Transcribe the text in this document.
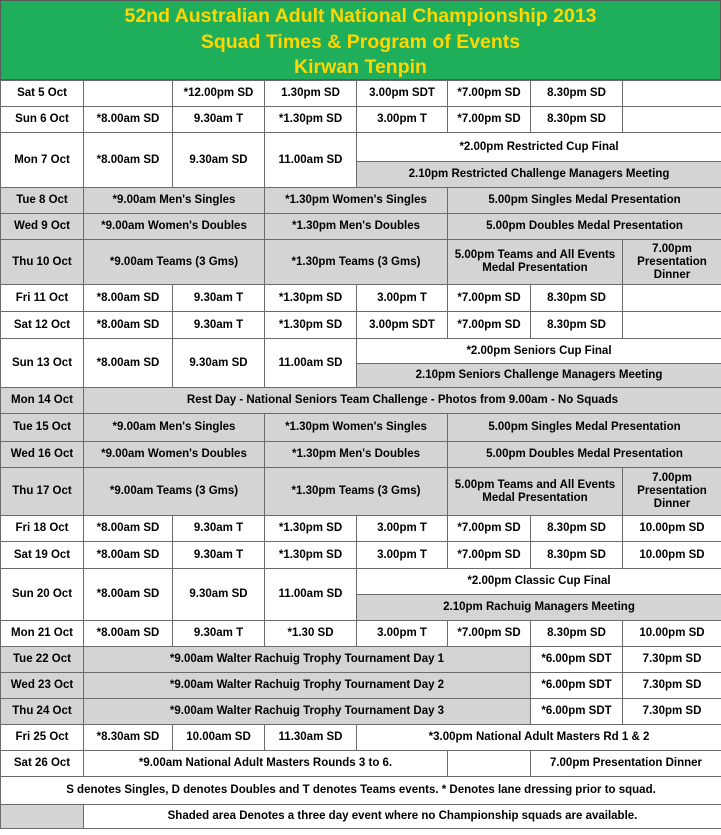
52nd Australian Adult National Championship 2013
Squad Times & Program of Events
Kirwan Tenpin
Sat 5 Oct		*12.00pm SD	1.30pm SD	3.00pm SDT	*7.00pm SD	8.30pm SD	
Sun 6 Oct	*8.00am SD	9.30am T	*1.30pm SD	3.00pm T	*7.00pm SD	8.30pm SD	
Mon 7 Oct	*8.00am SD	9.30am SD	11.00am SD	*2.00pm Restricted Cup Final			
				2.10pm Restricted Challenge Managers Meeting			
Tue 8 Oct	*9.00am Men's Singles		*1.30pm Women's Singles		5.00pm Singles Medal Presentation		
Wed 9 Oct	*9.00am Women's Doubles		*1.30pm Men's Doubles		5.00pm Doubles Medal Presentation		
Thu 10 Oct	*9.00am Teams (3 Gms)		*1.30pm Teams (3 Gms)		5.00pm Teams and All Events Medal Presentation		7.00pm Presentation Dinner
Fri 11 Oct	*8.00am SD	9.30am T	*1.30pm SD	3.00pm T	*7.00pm SD	8.30pm SD	
Sat 12 Oct	*8.00am SD	9.30am T	*1.30pm SD	3.00pm SDT	*7.00pm SD	8.30pm SD	
Sun 13 Oct	*8.00am SD	9.30am SD	11.00am SD	*2.00pm Seniors Cup Final			
				2.10pm Seniors Challenge Managers Meeting			
Mon 14 Oct	Rest Day - National Seniors Team Challenge - Photos from 9.00am - No Squads						
Tue 15 Oct	*9.00am Men's Singles		*1.30pm Women's Singles		5.00pm Singles Medal Presentation		
Wed 16 Oct	*9.00am Women's Doubles		*1.30pm Men's Doubles		5.00pm Doubles Medal Presentation		
Thu 17 Oct	*9.00am Teams (3 Gms)		*1.30pm Teams (3 Gms)		5.00pm Teams and All Events Medal Presentation		7.00pm Presentation Dinner
Fri 18 Oct	*8.00am SD	9.30am T	*1.30pm SD	3.00pm T	*7.00pm SD	8.30pm SD	10.00pm SD
Sat 19 Oct	*8.00am SD	9.30am T	*1.30pm SD	3.00pm T	*7.00pm SD	8.30pm SD	10.00pm SD
Sun 20 Oct	*8.00am SD	9.30am SD	11.00am SD	*2.00pm Classic Cup Final			
				2.10pm Rachuig Managers Meeting			
Mon 21 Oct	*8.00am SD	9.30am T	*1.30 SD	3.00pm T	*7.00pm SD	8.30pm SD	10.00pm SD
Tue 22 Oct	*9.00am Walter Rachuig Trophy Tournament Day 1					*6.00pm SDT	7.30pm SD
Wed 23 Oct	*9.00am Walter Rachuig Trophy Tournament Day 2					*6.00pm SDT	7.30pm SD
Thu 24 Oct	*9.00am Walter Rachuig Trophy Tournament Day 3					*6.00pm SDT	7.30pm SD
Fri 25 Oct	*8.30am SD	10.00am SD	11.30am SD	*3.00pm National Adult Masters Rd 1 & 2			
Sat 26 Oct	*9.00am National Adult Masters Rounds 3 to 6.					7.00pm Presentation Dinner	
S denotes Singles, D denotes Doubles and T denotes Teams events. * Denotes lane dressing prior to squad.							
	Shaded area Denotes a three day event where no Championship squads are available.						
